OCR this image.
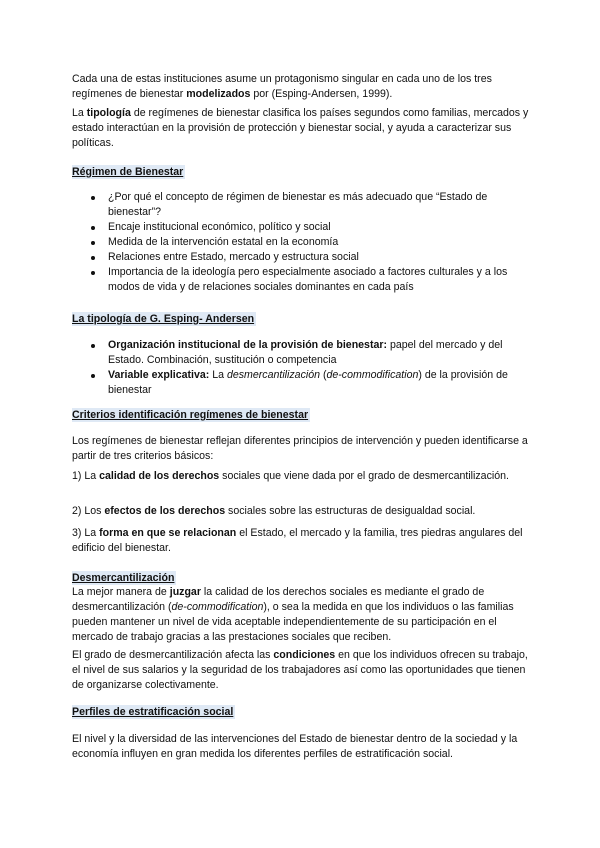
Cada una de estas instituciones asume un protagonismo singular en cada uno de los tres regímenes de bienestar modelizados por (Esping-Andersen, 1999).

La tipología de regímenes de bienestar clasifica los países segundos como familias, mercados y estado interactúan en la provisión de protección y bienestar social, y ayuda a caracterizar sus políticas.

Régimen de Bienestar
¿Por qué el concepto de régimen de bienestar es más adecuado que “Estado de bienestar”?
Encaje institucional económico, político y social
Medida de la intervención estatal en la economía
Relaciones entre Estado, mercado y estructura social
Importancia de la ideología pero especialmente asociado a factores culturales y a los modos de vida y de relaciones sociales dominantes en cada país
La tipología de G. Esping- Andersen
Organización institucional de la provisión de bienestar: papel del mercado y del Estado. Combinación, sustitución o competencia
Variable explicativa: La desmercantilización (de-commodification) de la provisión de bienestar
Criterios identificación regímenes de bienestar

Los regímenes de bienestar reflejan diferentes principios de intervención y pueden identificarse a partir de tres criterios básicos:

1) La calidad de los derechos sociales que viene dada por el grado de desmercantilización.

2) Los efectos de los derechos sociales sobre las estructuras de desigualdad social.

3) La forma en que se relacionan el Estado, el mercado y la familia, tres piedras angulares del edificio del bienestar.

Desmercantilización

La mejor manera de juzgar la calidad de los derechos sociales es mediante el grado de desmercantilización (de-commodification), o sea la medida en que los individuos o las familias pueden mantener un nivel de vida aceptable independientemente de su participación en el mercado de trabajo gracias a las prestaciones sociales que reciben.

El grado de desmercantilización afecta las condiciones en que los individuos ofrecen su trabajo, el nivel de sus salarios y la seguridad de los trabajadores así como las oportunidades que tienen de organizarse colectivamente.

Perfiles de estratificación social

El nivel y la diversidad de las intervenciones del Estado de bienestar dentro de la sociedad y la economía influyen en gran medida los diferentes perfiles de estratificación social.
